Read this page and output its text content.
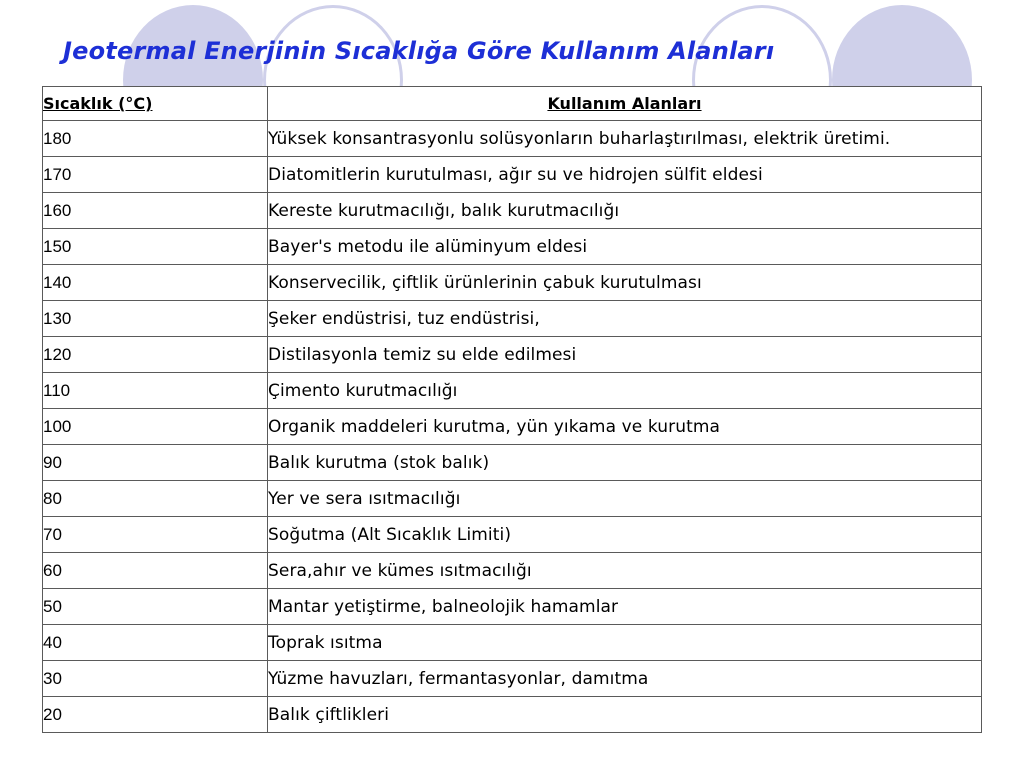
Jeotermal Enerjinin Sıcaklığa Göre Kullanım Alanları
Sıcaklık (°C)	Kullanım Alanları
180	Yüksek konsantrasyonlu solüsyonların buharlaştırılması, elektrik üretimi.
170	Diatomitlerin kurutulması, ağır su ve hidrojen sülfit eldesi
160	Kereste kurutmacılığı, balık kurutmacılığı
150	Bayer's metodu ile alüminyum eldesi
140	Konservecilik, çiftlik ürünlerinin çabuk kurutulması
130	Şeker endüstrisi, tuz endüstrisi,
120	Distilasyonla temiz su elde edilmesi
110	Çimento kurutmacılığı
100	Organik maddeleri kurutma, yün yıkama ve kurutma
90	Balık kurutma (stok balık)
80	Yer ve sera ısıtmacılığı
70	Soğutma (Alt Sıcaklık Limiti)
60	Sera,ahır ve kümes ısıtmacılığı
50	Mantar yetiştirme, balneolojik hamamlar
40	Toprak ısıtma
30	Yüzme havuzları, fermantasyonlar, damıtma
20	Balık çiftlikleri
